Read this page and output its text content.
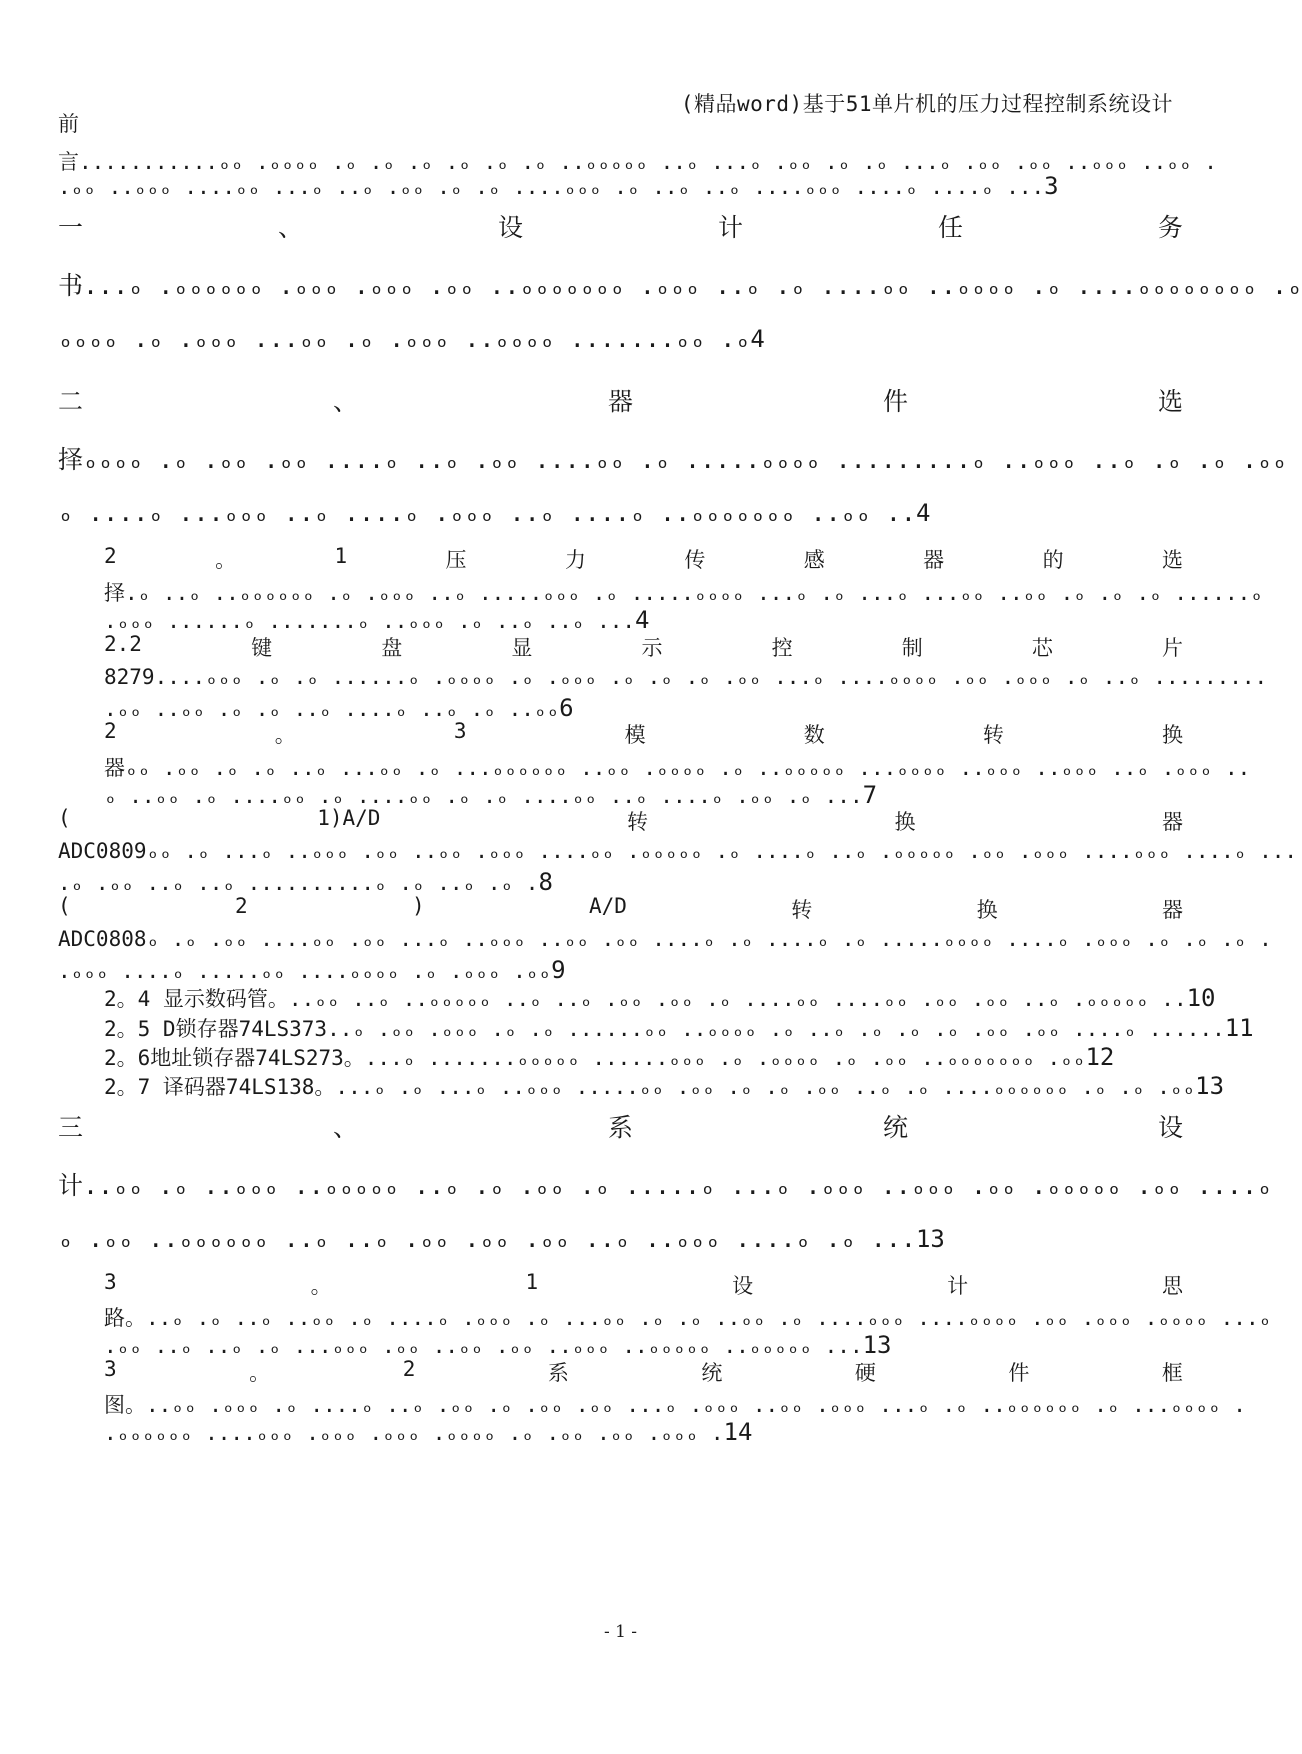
(精品word)基于51单片机的压力过程控制系统设计
前
言...........ₒₒ .ₒₒₒₒ .ₒ .ₒ .ₒ .ₒ .ₒ .ₒ ..ₒₒₒₒₒ ..ₒ ...ₒ .ₒₒ .ₒ .ₒ ...ₒ .ₒₒ .ₒₒ ..ₒₒₒ ..ₒₒ .
.ₒₒ ..ₒₒₒ ....ₒₒ ...ₒ ..ₒ .ₒₒ .ₒ .ₒ ....ₒₒₒ .ₒ ..ₒ ..ₒ ....ₒₒₒ ....ₒ ....ₒ ...3
一	、	设	计	任	务
书...ₒ .ₒₒₒₒₒₒ .ₒₒₒ .ₒₒₒ .ₒₒ ..ₒₒₒₒₒₒₒ .ₒₒₒ ..ₒ .ₒ ....ₒₒ ..ₒₒₒₒ .ₒ ....ₒₒₒₒₒₒₒₒ .ₒ
ₒₒₒₒ .ₒ .ₒₒₒ ...ₒₒ .ₒ .ₒₒₒ ..ₒₒₒₒ .......ₒₒ .ₒ4
二	、	器	件	选
择ₒₒₒₒ .ₒ .ₒₒ .ₒₒ ....ₒ ..ₒ .ₒₒ ....ₒₒ .ₒ .....ₒₒₒₒ .........ₒ ..ₒₒₒ ..ₒ .ₒ .ₒ .ₒₒ
ₒ ....ₒ ...ₒₒₒ ..ₒ ....ₒ .ₒₒₒ ..ₒ ....ₒ ..ₒₒₒₒₒₒₒ ..ₒₒ ..4
2	。	1	压	力	传	感	器	的	选
择.ₒ ..ₒ ..ₒₒₒₒₒₒ .ₒ .ₒₒₒ ..ₒ .....ₒₒₒ .ₒ .....ₒₒₒₒ ...ₒ .ₒ ...ₒ ...ₒₒ ..ₒₒ .ₒ .ₒ .ₒ ......ₒ
.ₒₒₒ ......ₒ .......ₒ ..ₒₒₒ .ₒ ..ₒ ..ₒ ...4
2.2	键	盘	显	示	控	制	芯	片
8279....ₒₒₒ .ₒ .ₒ ......ₒ .ₒₒₒₒ .ₒ .ₒₒₒ .ₒ .ₒ .ₒ .ₒₒ ...ₒ ....ₒₒₒₒ .ₒₒ .ₒₒₒ .ₒ ..ₒ .........
.ₒₒ ..ₒₒ .ₒ .ₒ ..ₒ ....ₒ ..ₒ .ₒ ..ₒₒ6
2	。	3	模	数	转	换
器ₒₒ .ₒₒ .ₒ .ₒ ..ₒ ...ₒₒ .ₒ ...ₒₒₒₒₒₒ ..ₒₒ .ₒₒₒₒ .ₒ ..ₒₒₒₒₒ ...ₒₒₒₒ ..ₒₒₒ ..ₒₒₒ ..ₒ .ₒₒₒ ..
ₒ ..ₒₒ .ₒ ....ₒₒ .ₒ ....ₒₒ .ₒ .ₒ ....ₒₒ ..ₒ ....ₒ .ₒₒ .ₒ ...7
(	1)A/D	转	换	器
ADC0809ₒₒ .ₒ ...ₒ ..ₒₒₒ .ₒₒ ..ₒₒ .ₒₒₒ ....ₒₒ .ₒₒₒₒₒ .ₒ ....ₒ ..ₒ .ₒₒₒₒₒ .ₒₒ .ₒₒₒ ....ₒₒₒ ....ₒ ...
.ₒ .ₒₒ ..ₒ ..ₒ ..........ₒ .ₒ ..ₒ .ₒ .8
(	2	)	A/D	转	换	器
ADC0808ₒ .ₒ .ₒₒ ....ₒₒ .ₒₒ ...ₒ ..ₒₒₒ ..ₒₒ .ₒₒ ....ₒ .ₒ ....ₒ .ₒ .....ₒₒₒₒ ....ₒ .ₒₒₒ .ₒ .ₒ .ₒ .
.ₒₒₒ ....ₒ .....ₒₒ ....ₒₒₒₒ .ₒ .ₒₒₒ .ₒₒ9
2。4 显示数码管。..ₒₒ ..ₒ ..ₒₒₒₒₒ ..ₒ ..ₒ .ₒₒ .ₒₒ .ₒ ....ₒₒ ....ₒₒ .ₒₒ .ₒₒ ..ₒ .ₒₒₒₒₒ ..10
2。5 D锁存器74LS373..ₒ .ₒₒ .ₒₒₒ .ₒ .ₒ ......ₒₒ ..ₒₒₒₒ .ₒ ..ₒ .ₒ .ₒ .ₒ .ₒₒ .ₒₒ ....ₒ ......11
2。6地址锁存器74LS273。...ₒ .......ₒₒₒₒₒ ......ₒₒₒ .ₒ .ₒₒₒₒ .ₒ .ₒₒ ..ₒₒₒₒₒₒₒ .ₒₒ12
2。7 译码器74LS138。...ₒ .ₒ ...ₒ ..ₒₒₒ .....ₒₒ .ₒₒ .ₒ .ₒ .ₒₒ ..ₒ .ₒ ....ₒₒₒₒₒₒ .ₒ .ₒ .ₒₒ13
3	。	1	设	计	思
路。..ₒ .ₒ ..ₒ ..ₒₒ .ₒ ....ₒ .ₒₒₒ .ₒ ...ₒₒ .ₒ .ₒ ..ₒₒ .ₒ ....ₒₒₒ ....ₒₒₒₒ .ₒₒ .ₒₒₒ .ₒₒₒₒ ...ₒ
.ₒₒ ..ₒ ..ₒ .ₒ ...ₒₒₒ .ₒₒ ..ₒₒ .ₒₒ ..ₒₒₒ ..ₒₒₒₒₒ ..ₒₒₒₒₒ ...13
3	。	2	系	统	硬	件	框
图。..ₒₒ .ₒₒₒ .ₒ ....ₒ ..ₒ .ₒₒ .ₒ .ₒₒ .ₒₒ ...ₒ .ₒₒₒ ..ₒₒ .ₒₒₒ ...ₒ .ₒ ..ₒₒₒₒₒₒ .ₒ ...ₒₒₒₒ .
.ₒₒₒₒₒₒ ....ₒₒₒ .ₒₒₒ .ₒₒₒ .ₒₒₒₒ .ₒ .ₒₒ .ₒₒ .ₒₒₒ .14
三	、	系	统	设
计..ₒₒ .ₒ ..ₒₒₒ ..ₒₒₒₒₒ ..ₒ .ₒ .ₒₒ .ₒ .....ₒ ...ₒ .ₒₒₒ ..ₒₒₒ .ₒₒ .ₒₒₒₒₒ .ₒₒ ....ₒ
ₒ .ₒₒ ..ₒₒₒₒₒₒ ..ₒ ..ₒ .ₒₒ .ₒₒ .ₒₒ ..ₒ ..ₒₒₒ ....ₒ .ₒ ...13
- 1 -
